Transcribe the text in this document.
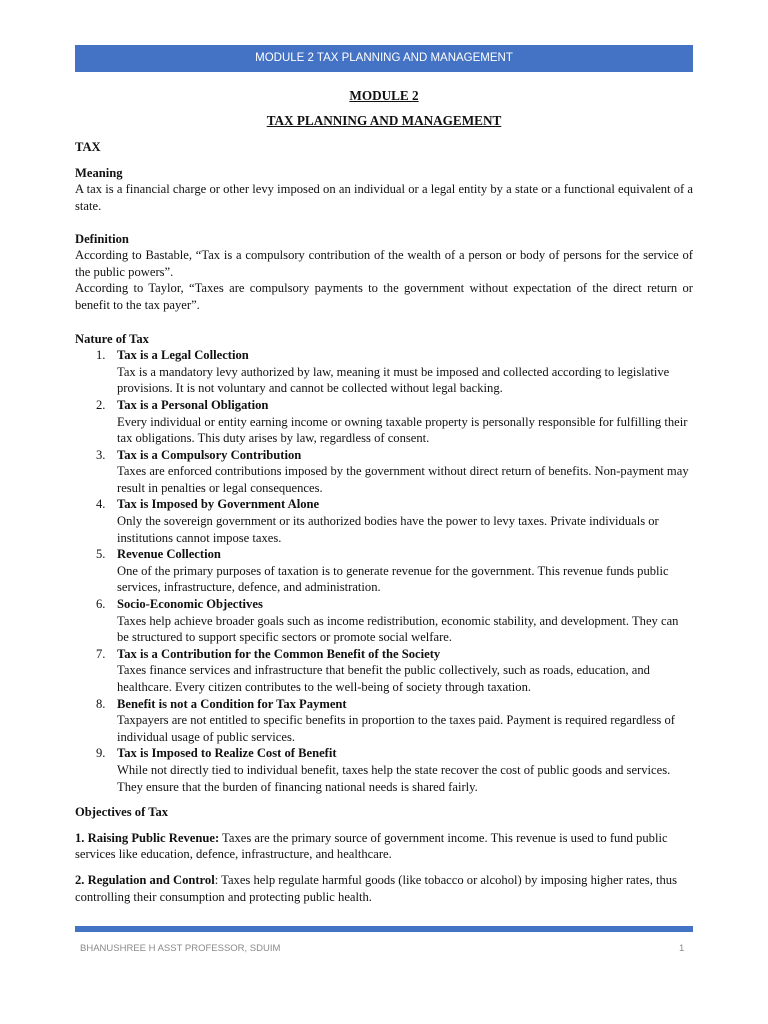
MODULE 2 TAX PLANNING AND MANAGEMENT
MODULE 2
TAX PLANNING AND MANAGEMENT
TAX
Meaning
A tax is a financial charge or other levy imposed on an individual or a legal entity by a state or a functional equivalent of a state.
Definition
According to Bastable, “Tax is a compulsory contribution of the wealth of a person or body of persons for the service of the public powers”.
According to Taylor, “Taxes are compulsory payments to the government without expectation of the direct return or benefit to the tax payer”.
Nature of Tax
1. Tax is a Legal Collection
Tax is a mandatory levy authorized by law, meaning it must be imposed and collected according to legislative provisions. It is not voluntary and cannot be collected without legal backing.
2. Tax is a Personal Obligation
Every individual or entity earning income or owning taxable property is personally responsible for fulfilling their tax obligations. This duty arises by law, regardless of consent.
3. Tax is a Compulsory Contribution
Taxes are enforced contributions imposed by the government without direct return of benefits. Non-payment may result in penalties or legal consequences.
4. Tax is Imposed by Government Alone
Only the sovereign government or its authorized bodies have the power to levy taxes. Private individuals or institutions cannot impose taxes.
5. Revenue Collection
One of the primary purposes of taxation is to generate revenue for the government. This revenue funds public services, infrastructure, defence, and administration.
6. Socio-Economic Objectives
Taxes help achieve broader goals such as income redistribution, economic stability, and development. They can be structured to support specific sectors or promote social welfare.
7. Tax is a Contribution for the Common Benefit of the Society
Taxes finance services and infrastructure that benefit the public collectively, such as roads, education, and healthcare. Every citizen contributes to the well-being of society through taxation.
8. Benefit is not a Condition for Tax Payment
Taxpayers are not entitled to specific benefits in proportion to the taxes paid. Payment is required regardless of individual usage of public services.
9. Tax is Imposed to Realize Cost of Benefit
While not directly tied to individual benefit, taxes help the state recover the cost of public goods and services. They ensure that the burden of financing national needs is shared fairly.
Objectives of Tax
1. Raising Public Revenue: Taxes are the primary source of government income. This revenue is used to fund public services like education, defence, infrastructure, and healthcare.
2. Regulation and Control: Taxes help regulate harmful goods (like tobacco or alcohol) by imposing higher rates, thus controlling their consumption and protecting public health.
BHANUSHREE H ASST PROFESSOR, SDUIM	1
